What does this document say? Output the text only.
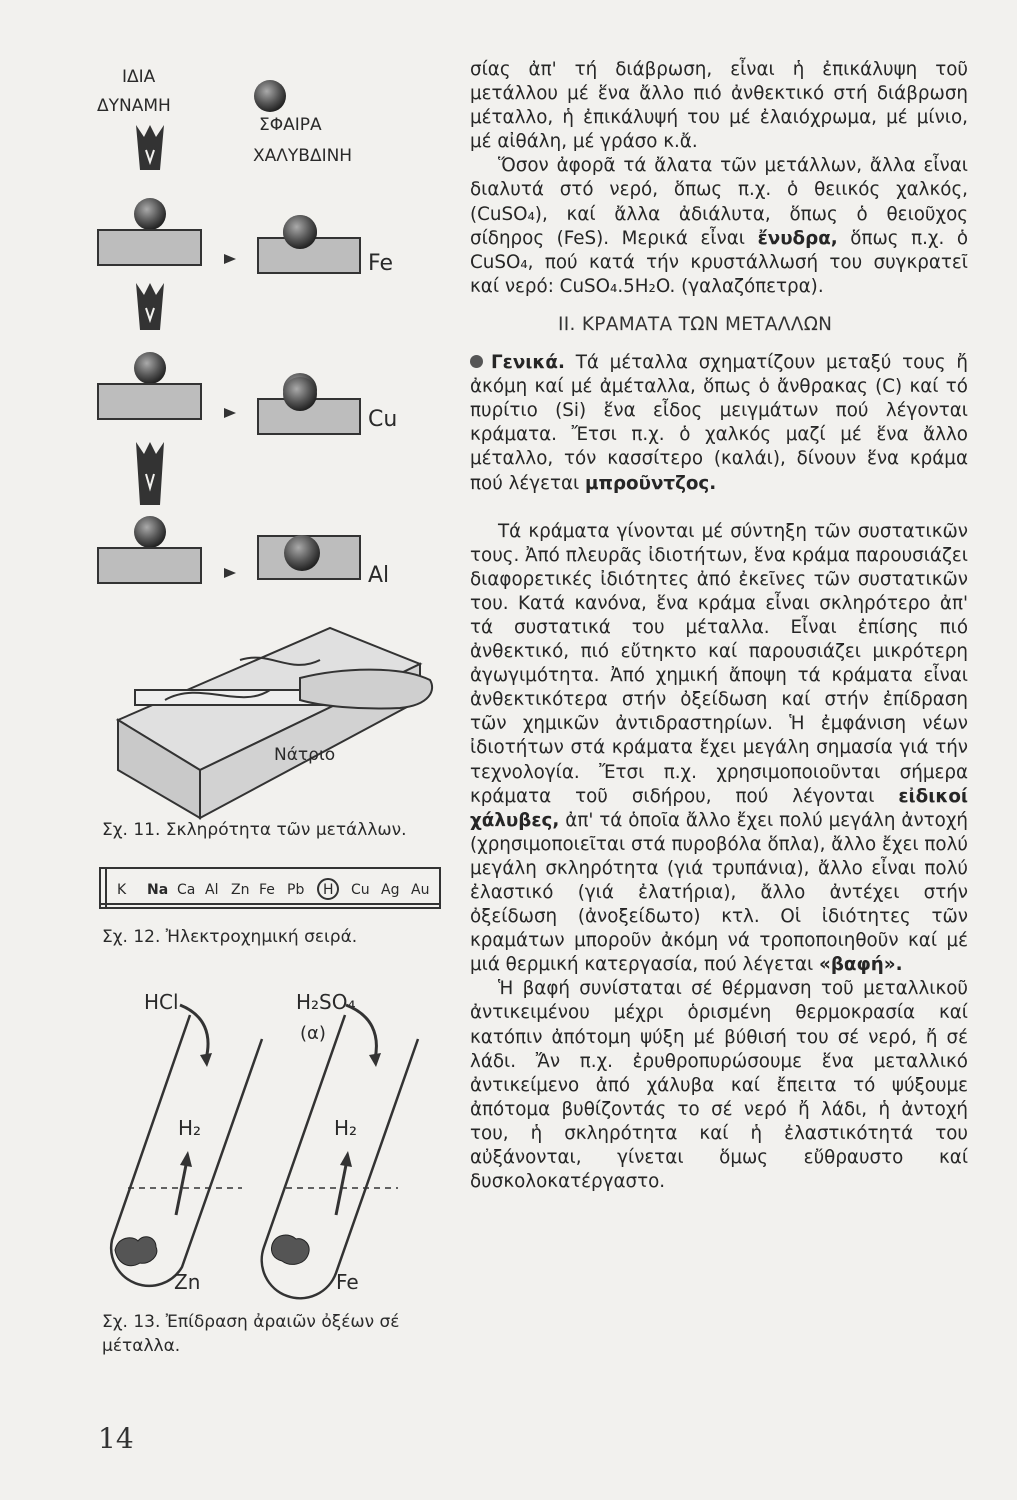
ΙΔΙΑ
ΔΥΝΑΜΗ
ΣΦΑΙΡΑ
ΧΑΛΥΒΔΙΝΗ
Fe
Cu
Al
Νάτριο
Σχ. 11. Σκληρότητα τῶν μετάλλων.
K Na Ca Al Zn Fe Pb H Cu Ag Au
Σχ. 12. Ἠλεκτροχημική σειρά.
HCl	H₂SO₄
(α)
H₂
Zn
H₂
Fe
Σχ. 13. Ἐπίδραση ἀραιῶν ὀξέων σέ
μέταλλα.

σίας ἀπ' τή διάβρωση, εἶναι ἡ ἐπικάλυψη τοῦ μετάλλου μέ ἕνα ἄλλο πιό ἀνθεκτικό στή διάβρωση μέταλλο, ἡ ἐπικάλυψή του μέ ἐλαιόχρωμα, μέ μίνιο, μέ αἰθάλη, μέ γράσο κ.ἄ.

Ὅσον ἀφορᾶ τά ἄλατα τῶν μετάλλων, ἄλλα εἶναι διαλυτά στό νερό, ὅπως π.χ. ὁ θειικός χαλκός, (CuSO₄), καί ἄλλα ἀδιάλυτα, ὅπως ὁ θειοῦχος σίδηρος (FeS). Μερικά εἶναι ἔνυδρα, ὅπως π.χ. ὁ CuSO₄, πού κατά τήν κρυστάλλωσή του συγκρατεῖ καί νερό: CuSO₄.5H₂O. (γαλαζόπετρα).

ΙΙ. ΚΡΑΜΑΤΑ ΤΩΝ ΜΕΤΑΛΛΩΝ

Γενικά. Τά μέταλλα σχηματίζουν μεταξύ τους ἤ ἀκόμη καί μέ ἀμέταλλα, ὅπως ὁ ἄνθρακας (C) καί τό πυρίτιο (Si) ἕνα εἶδος μειγμάτων πού λέγονται κράματα. Ἔτσι π.χ. ὁ χαλκός μαζί μέ ἕνα ἄλλο μέταλλο, τόν κασσίτερο (καλάι), δίνουν ἕνα κράμα πού λέγεται μπροῦντζος.

Τά κράματα γίνονται μέ σύντηξη τῶν συστατικῶν τους. Ἀπό πλευρᾶς ἰδιοτήτων, ἕνα κράμα παρουσιάζει διαφορετικές ἰδιότητες ἀπό ἐκεῖνες τῶν συστατικῶν του. Κατά κανόνα, ἕνα κράμα εἶναι σκληρότερο ἀπ' τά συστατικά του μέταλλα. Εἶναι ἐπίσης πιό ἀνθεκτικό, πιό εὔτηκτο καί παρουσιάζει μικρότερη ἀγωγιμότητα. Ἀπό χημική ἄποψη τά κράματα εἶναι ἀνθεκτικότερα στήν ὀξείδωση καί στήν ἐπίδραση τῶν χημικῶν ἀντιδραστηρίων. Ἡ ἐμφάνιση νέων ἰδιοτήτων στά κράματα ἔχει μεγάλη σημασία γιά τήν τεχνολογία. Ἔτσι π.χ. χρησιμοποιοῦνται σήμερα κράματα τοῦ σιδήρου, πού λέγονται εἰδικοί χάλυβες, ἀπ' τά ὁποῖα ἄλλο ἔχει πολύ μεγάλη ἀντοχή (χρησιμοποιεῖται στά πυροβόλα ὅπλα), ἄλλο ἔχει πολύ μεγάλη σκληρότητα (γιά τρυπάνια), ἄλλο εἶναι πολύ ἐλαστικό (γιά ἐλατήρια), ἄλλο ἀντέχει στήν ὀξείδωση (ἀνοξείδωτο) κτλ. Οἱ ἰδιότητες τῶν κραμάτων μποροῦν ἀκόμη νά τροποποιηθοῦν καί μέ μιά θερμική κατεργασία, πού λέγεται «βαφή».

Ἡ βαφή συνίσταται σέ θέρμανση τοῦ μεταλλικοῦ ἀντικειμένου μέχρι ὁρισμένη θερμοκρασία καί κατόπιν ἀπότομη ψύξη μέ βύθισή του σέ νερό, ἤ σέ λάδι. Ἄν π.χ. ἐρυθροπυρώσουμε ἕνα μεταλλικό ἀντικείμενο ἀπό χάλυβα καί ἔπειτα τό ψύξουμε ἀπότομα βυθίζοντάς το σέ νερό ἤ λάδι, ἡ ἀντοχή του, ἡ σκληρότητα καί ἡ ἐλαστικότητά του αὐξάνονται, γίνεται ὅμως εὔθραυστο καί δυσκολοκατέργαστο.

14
